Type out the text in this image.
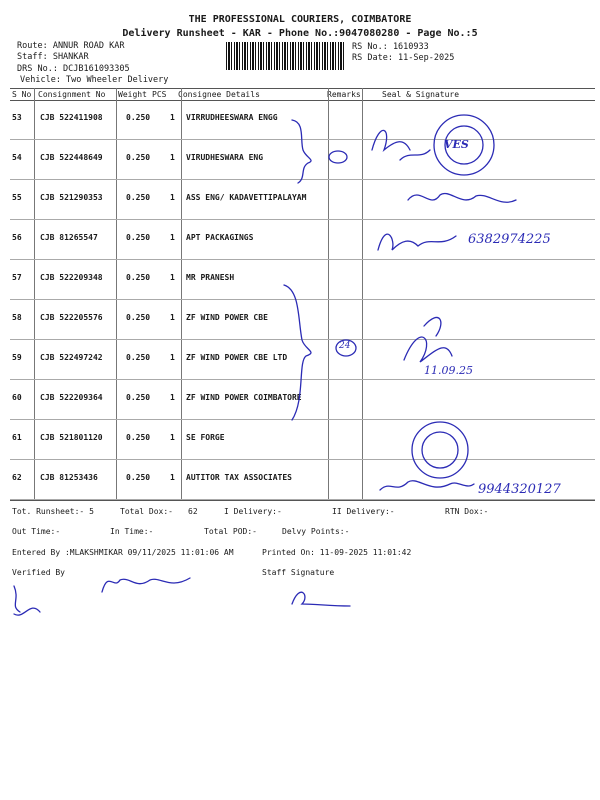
THE PROFESSIONAL COURIERS, COIMBATORE
Delivery Runsheet - KAR - Phone No.:9047080280 - Page No.:5
Route: ANNUR ROAD KAR
Staff: SHANKAR
DRS No.: DCJB161093305
Vehicle: Two Wheeler Delivery
RS No.: 1610933
RS Date: 11-Sep-2025
S No Consignment No Weight PCS Consignee Details	Remarks	Seal & Signature
53 CJB 522411908	0.250 1 VIRRUDHEESWARA ENGG
54 CJB 522448649	0.250 1 VIRUDHESWARA ENG
55 CJB 521290353	0.250 1 ASS ENG/ KADAVETTIPALAYAM
56 CJB 81265547	0.250 1 APT PACKAGINGS
57 CJB 522209348	0.250 1 MR PRANESH
58 CJB 522205576	0.250 1 ZF WIND POWER CBE
59 CJB 522497242	0.250 1 ZF WIND POWER CBE LTD
60 CJB 522209364	0.250 1 ZF WIND POWER COIMBATORE
61 CJB 521801120	0.250 1 SE FORGE
62 CJB 81253436	0.250 1 AUTITOR TAX ASSOCIATES
Tot. Runsheet:- 5	Total Dox:- 62	I Delivery:-	II Delivery:-	RTN Dox:-
Out Time:-	In Time:-	Total POD:-	Delvy Points:-
Entered By :MLAKSHMIKAR 09/11/2025 11:01:06 AM	Printed On: 11-09-2025 11:01:42
Verified By	Staff Signature
VES
6382974225
9944320127
24
11.09.25
